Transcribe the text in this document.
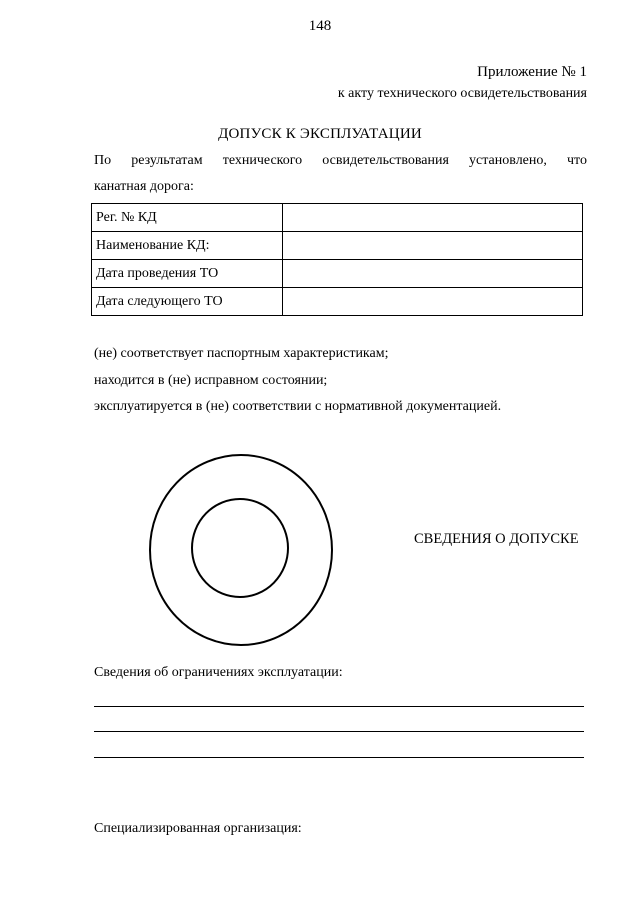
148
Приложение № 1
к акту технического освидетельствования
ДОПУСК К ЭКСПЛУАТАЦИИ
По результатам технического освидетельствования установлено, что
канатная дорога:
Рег. № КД	
Наименование КД:	
Дата проведения ТО	
Дата следующего ТО	
(не) соответствует паспортным характеристикам;
находится в (не) исправном состоянии;
эксплуатируется в (не) соответствии с нормативной документацией.
СВЕДЕНИЯ О ДОПУСКЕ
Сведения об ограничениях эксплуатации:
Специализированная организация:
